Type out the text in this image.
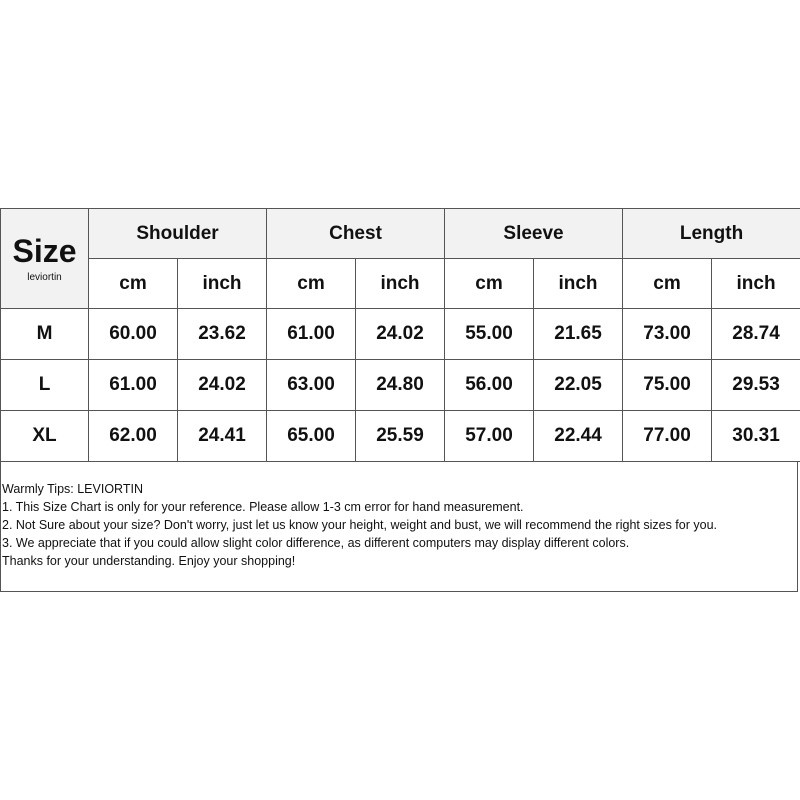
Size
leviortin	Shoulder		Chest		Sleeve		Length	
	cm	inch	cm	inch	cm	inch	cm	inch
M	60.00	23.62	61.00	24.02	55.00	21.65	73.00	28.74
L	61.00	24.02	63.00	24.80	56.00	22.05	75.00	29.53
XL	62.00	24.41	65.00	25.59	57.00	22.44	77.00	30.31
Warmly Tips: LEVIORTIN
1. This Size Chart is only for your reference. Please allow 1-3 cm error for hand measurement.
2. Not Sure about your size? Don't worry, just let us know your height, weight and bust, we will recommend the right sizes for you.
3. We appreciate that if you could allow slight color difference, as different computers may display different colors.
Thanks for your understanding. Enjoy your shopping!
